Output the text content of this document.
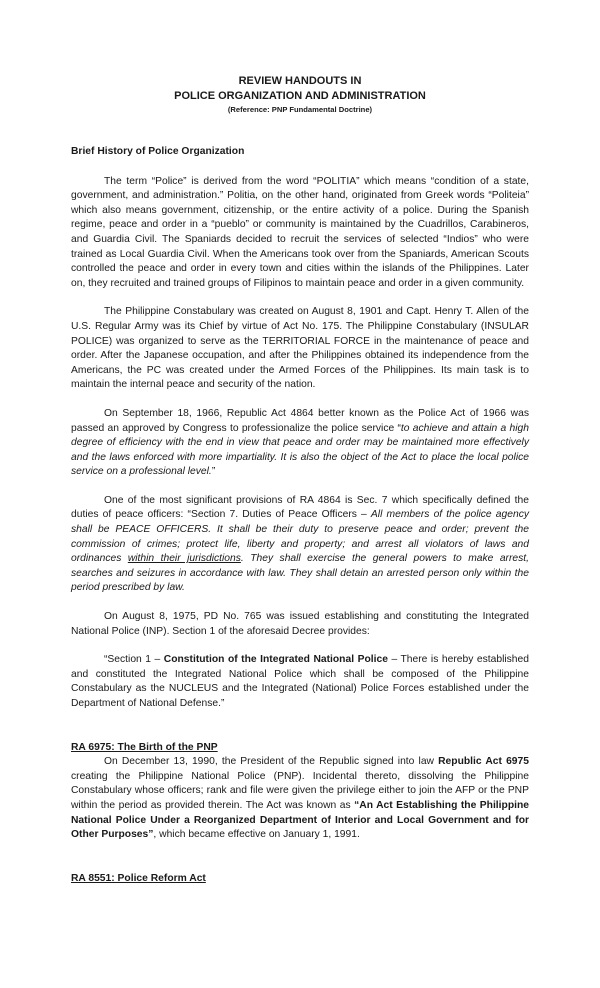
REVIEW HANDOUTS IN
POLICE ORGANIZATION AND ADMINISTRATION
(Reference: PNP Fundamental Doctrine)
Brief History of Police Organization

The term “Police” is derived from the word “POLITIA” which means “condition of a state, government, and administration.” Politia, on the other hand, originated from Greek words “Politeia” which also means government, citizenship, or the entire activity of a police. During the Spanish regime, peace and order in a “pueblo” or community is maintained by the Cuadrillos, Carabineros, and Guardia Civil. The Spaniards decided to recruit the services of selected “Indios” who were trained as Local Guardia Civil. When the Americans took over from the Spaniards, American Scouts controlled the peace and order in every town and cities within the islands of the Philippines. Later on, they recruited and trained groups of Filipinos to maintain peace and order in a given community.

The Philippine Constabulary was created on August 8, 1901 and Capt. Henry T. Allen of the U.S. Regular Army was its Chief by virtue of Act No. 175. The Philippine Constabulary (INSULAR POLICE) was organized to serve as the TERRITORIAL FORCE in the maintenance of peace and order. After the Japanese occupation, and after the Philippines obtained its independence from the Americans, the PC was created under the Armed Forces of the Philippines. Its main task is to maintain the internal peace and security of the nation.

On September 18, 1966, Republic Act 4864 better known as the Police Act of 1966 was passed an approved by Congress to professionalize the police service “to achieve and attain a high degree of efficiency with the end in view that peace and order may be maintained more effectively and the laws enforced with more impartiality. It is also the object of the Act to place the local police service on a professional level.”

One of the most significant provisions of RA 4864 is Sec. 7 which specifically defined the duties of peace officers: “Section 7. Duties of Peace Officers – All members of the police agency shall be PEACE OFFICERS. It shall be their duty to preserve peace and order; prevent the commission of crimes; protect life, liberty and property; and arrest all violators of laws and ordinances within their jurisdictions. They shall exercise the general powers to make arrest, searches and seizures in accordance with law. They shall detain an arrested person only within the period prescribed by law.

On August 8, 1975, PD No. 765 was issued establishing and constituting the Integrated National Police (INP). Section 1 of the aforesaid Decree provides:

“Section 1 – Constitution of the Integrated National Police – There is hereby established and constituted the Integrated National Police which shall be composed of the Philippine Constabulary as the NUCLEUS and the Integrated (National) Police Forces established under the Department of National Defense.”

RA 6975: The Birth of the PNP

On December 13, 1990, the President of the Republic signed into law Republic Act 6975 creating the Philippine National Police (PNP). Incidental thereto, dissolving the Philippine Constabulary whose officers; rank and file were given the privilege either to join the AFP or the PNP within the period as provided therein. The Act was known as “An Act Establishing the Philippine National Police Under a Reorganized Department of Interior and Local Government and for Other Purposes”, which became effective on January 1, 1991.

RA 8551: Police Reform Act
